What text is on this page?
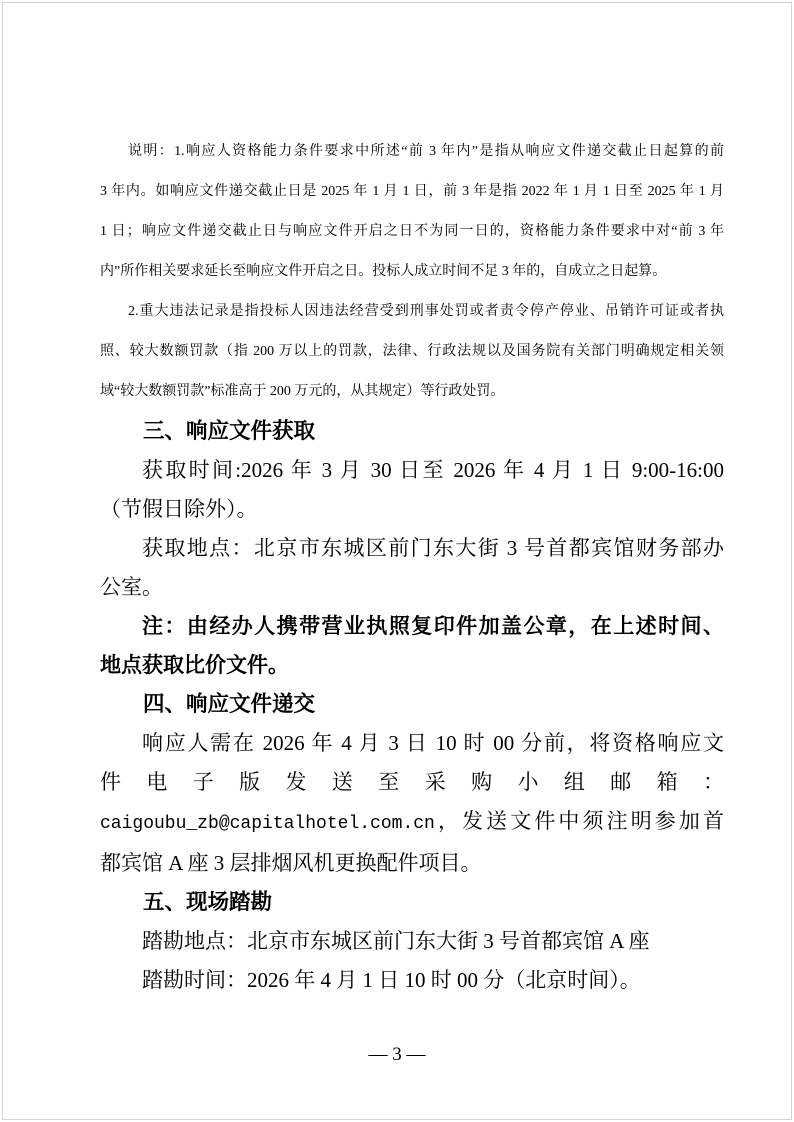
说明：1.响应人资格能力条件要求中所述“前 3 年内”是指从响应文件递交截止日起算的前
3 年内。如响应文件递交截止日是 2025 年 1 月 1 日，前 3 年是指 2022 年 1 月 1 日至 2025 年 1 月
1 日；响应文件递交截止日与响应文件开启之日不为同一日的，资格能力条件要求中对“前 3 年
内”所作相关要求延长至响应文件开启之日。投标人成立时间不足 3 年的，自成立之日起算。
2.重大违法记录是指投标人因违法经营受到刑事处罚或者责令停产停业、吊销许可证或者执
照、较大数额罚款（指 200 万以上的罚款，法律、行政法规以及国务院有关部门明确规定相关领
域“较大数额罚款”标准高于 200 万元的，从其规定）等行政处罚。
三、响应文件获取
获取时间:2026 年 3 月 30 日至 2026 年 4 月 1 日 9:00-16:00
（节假日除外）。
获取地点：北京市东城区前门东大街 3 号首都宾馆财务部办
公室。
注：由经办人携带营业执照复印件加盖公章，在上述时间、
地点获取比价文件。
四、响应文件递交
响应人需在 2026 年 4 月 3 日 10 时 00 分前，将资格响应文
件 电 子 版 发 送 至 采 购 小 组 邮 箱 ：
caigoubu_zb@capitalhotel.com.cn，发送文件中须注明参加首
都宾馆 A 座 3 层排烟风机更换配件项目。
五、现场踏勘
踏勘地点：北京市东城区前门东大街 3 号首都宾馆 A 座
踏勘时间：2026 年 4 月 1 日 10 时 00 分（北京时间）。
— 3 —
